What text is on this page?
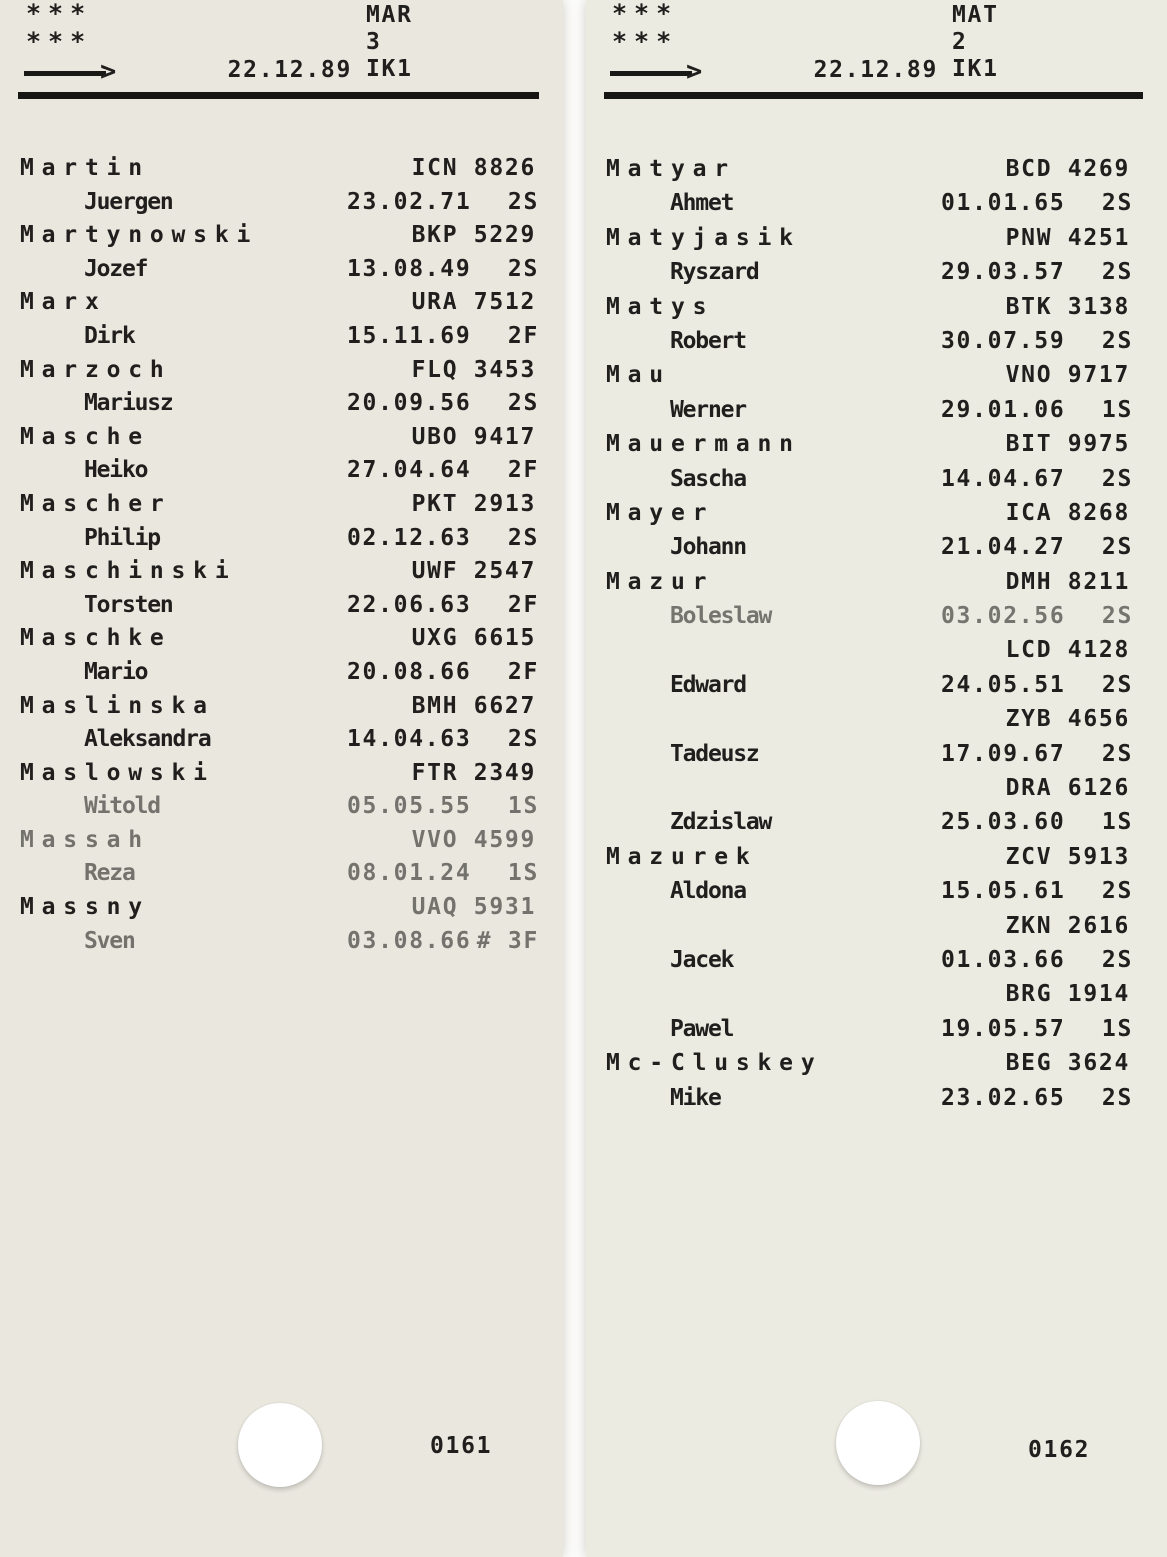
***
***
>	22.12.89
MAR
3
IK1
Martin	ICN 8826
Juergen	23.02.71 2S
Martynowski	BKP 5229
Jozef	13.08.49 2S
Marx	URA 7512
Dirk	15.11.69 2F
Marzoch	FLQ 3453
Mariusz	20.09.56 2S
Masche	UBO 9417
Heiko	27.04.64 2F
Mascher	PKT 2913
Philip	02.12.63 2S
Maschinski	UWF 2547
Torsten	22.06.63 2F
Maschke	UXG 6615
Mario	20.08.66 2F
Maslinska	BMH 6627
Aleksandra	14.04.63 2S
Maslowski	FTR 2349
Witold	05.05.55 1S
Massah	VVO 4599
Reza	08.01.24 1S
Massny	UAQ 5931
Sven	03.08.66 # 3F
0161
***
***
>	22.12.89
MAT
2
IK1
Matyar	BCD 4269
Ahmet	01.01.65 2S
Matyjasik	PNW 4251
Ryszard	29.03.57 2S
Matys	BTK 3138
Robert	30.07.59 2S
Mau	VNO 9717
Werner	29.01.06 1S
Mauermann	BIT 9975
Sascha	14.04.67 2S
Mayer	ICA 8268
Johann	21.04.27 2S
Mazur	DMH 8211
Boleslaw	03.02.56 2S
LCD 4128
Edward	24.05.51 2S
ZYB 4656
Tadeusz	17.09.67 2S
DRA 6126
Zdzislaw	25.03.60 1S
Mazurek	ZCV 5913
Aldona	15.05.61 2S
ZKN 2616
Jacek	01.03.66 2S
BRG 1914
Pawel	19.05.57 1S
Mc-Cluskey	BEG 3624
Mike	23.02.65 2S
0162
